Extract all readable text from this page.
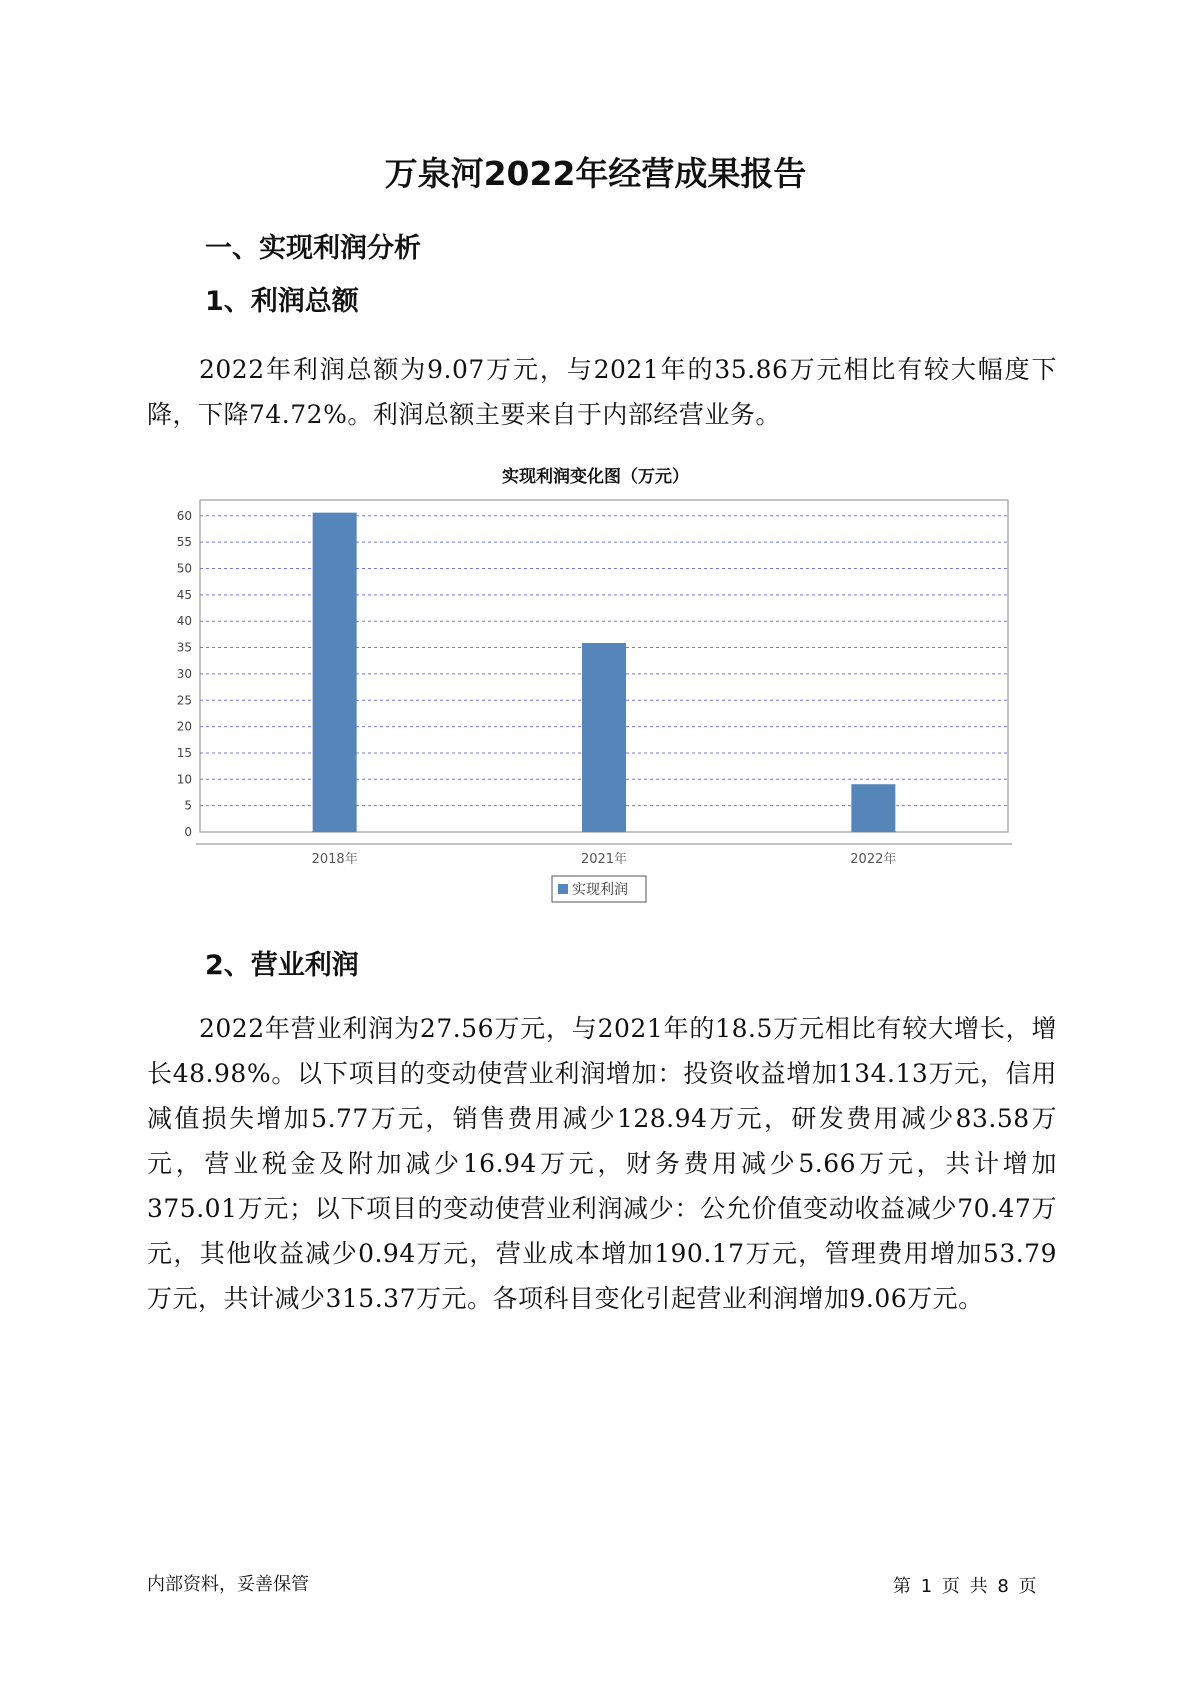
万泉河2022年经营成果报告
一、实现利润分析
1、利润总额

2022年利润总额为9.07万元，与2021年的35.86万元相比有较大幅度下降，下降74.72%。利润总额主要来自于内部经营业务。

实现利润变化图（万元）
0
5
10
15
20
25
30
35
40
45
50
55
60
2018年	2021年	2022年
实现利润
2、营业利润

2022年营业利润为27.56万元，与2021年的18.5万元相比有较大增长，增长48.98%。以下项目的变动使营业利润增加：投资收益增加134.13万元，信用减值损失增加5.77万元，销售费用减少128.94万元，研发费用减少83.58万元，营业税金及附加减少16.94万元，财务费用减少5.66万元，共计增加375.01万元；以下项目的变动使营业利润减少：公允价值变动收益减少70.47万元，其他收益减少0.94万元，营业成本增加190.17万元，管理费用增加53.79万元，共计减少315.37万元。各项科目变化引起营业利润增加9.06万元。

内部资料，妥善保管	第 1 页 共 8 页
